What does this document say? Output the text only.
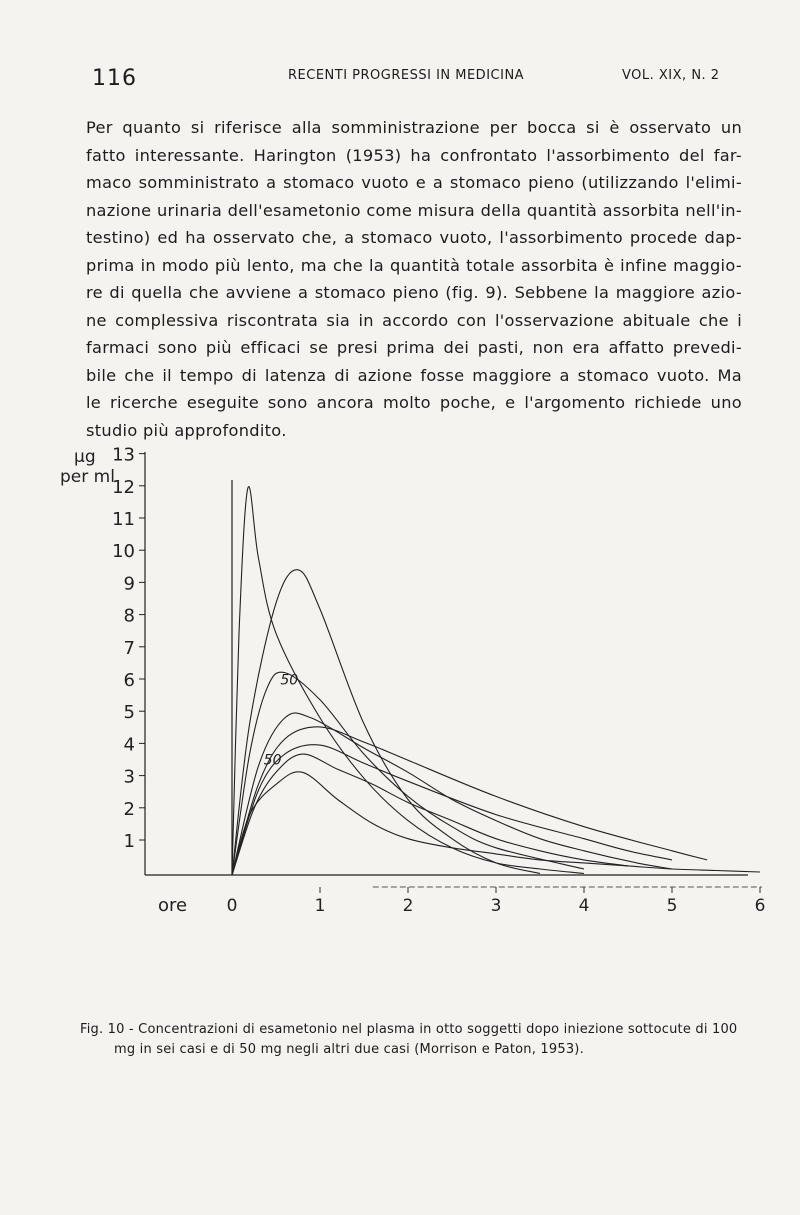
116	RECENTI PROGRESSI IN MEDICINA	VOL. XIX, N. 2

Per quanto si riferisce alla somministrazione per bocca si è osservato un
fatto interessante. Harington (1953) ha confrontato l'assorbimento del far-
maco somministrato a stomaco vuoto e a stomaco pieno (utilizzando l'elimi-
nazione urinaria dell'esametonio come misura della quantità assorbita nell'in-
testino) ed ha osservato che, a stomaco vuoto, l'assorbimento procede dap-
prima in modo più lento, ma che la quantità totale assorbita è infine maggio-
re di quella che avviene a stomaco pieno (fig. 9). Sebbene la maggiore azio-
ne complessiva riscontrata sia in accordo con l'osservazione abituale che i
farmaci sono più efficaci se presi prima dei pasti, non era affatto prevedi-
bile che il tempo di latenza di azione fosse maggiore a stomaco vuoto. Ma
le ricerche eseguite sono ancora molto poche, e l'argomento richiede uno
studio più approfondito.

μg
per ml
1
2
3
4
5
6
7
8
9
10
11
12
13
ore 0	1	2	3	4	5	6
50
50
Fig. 10 - Concentrazioni di esametonio nel plasma in otto soggetti dopo iniezione sottocute di 100
mg in sei casi e di 50 mg negli altri due casi (Morrison e Paton, 1953).
